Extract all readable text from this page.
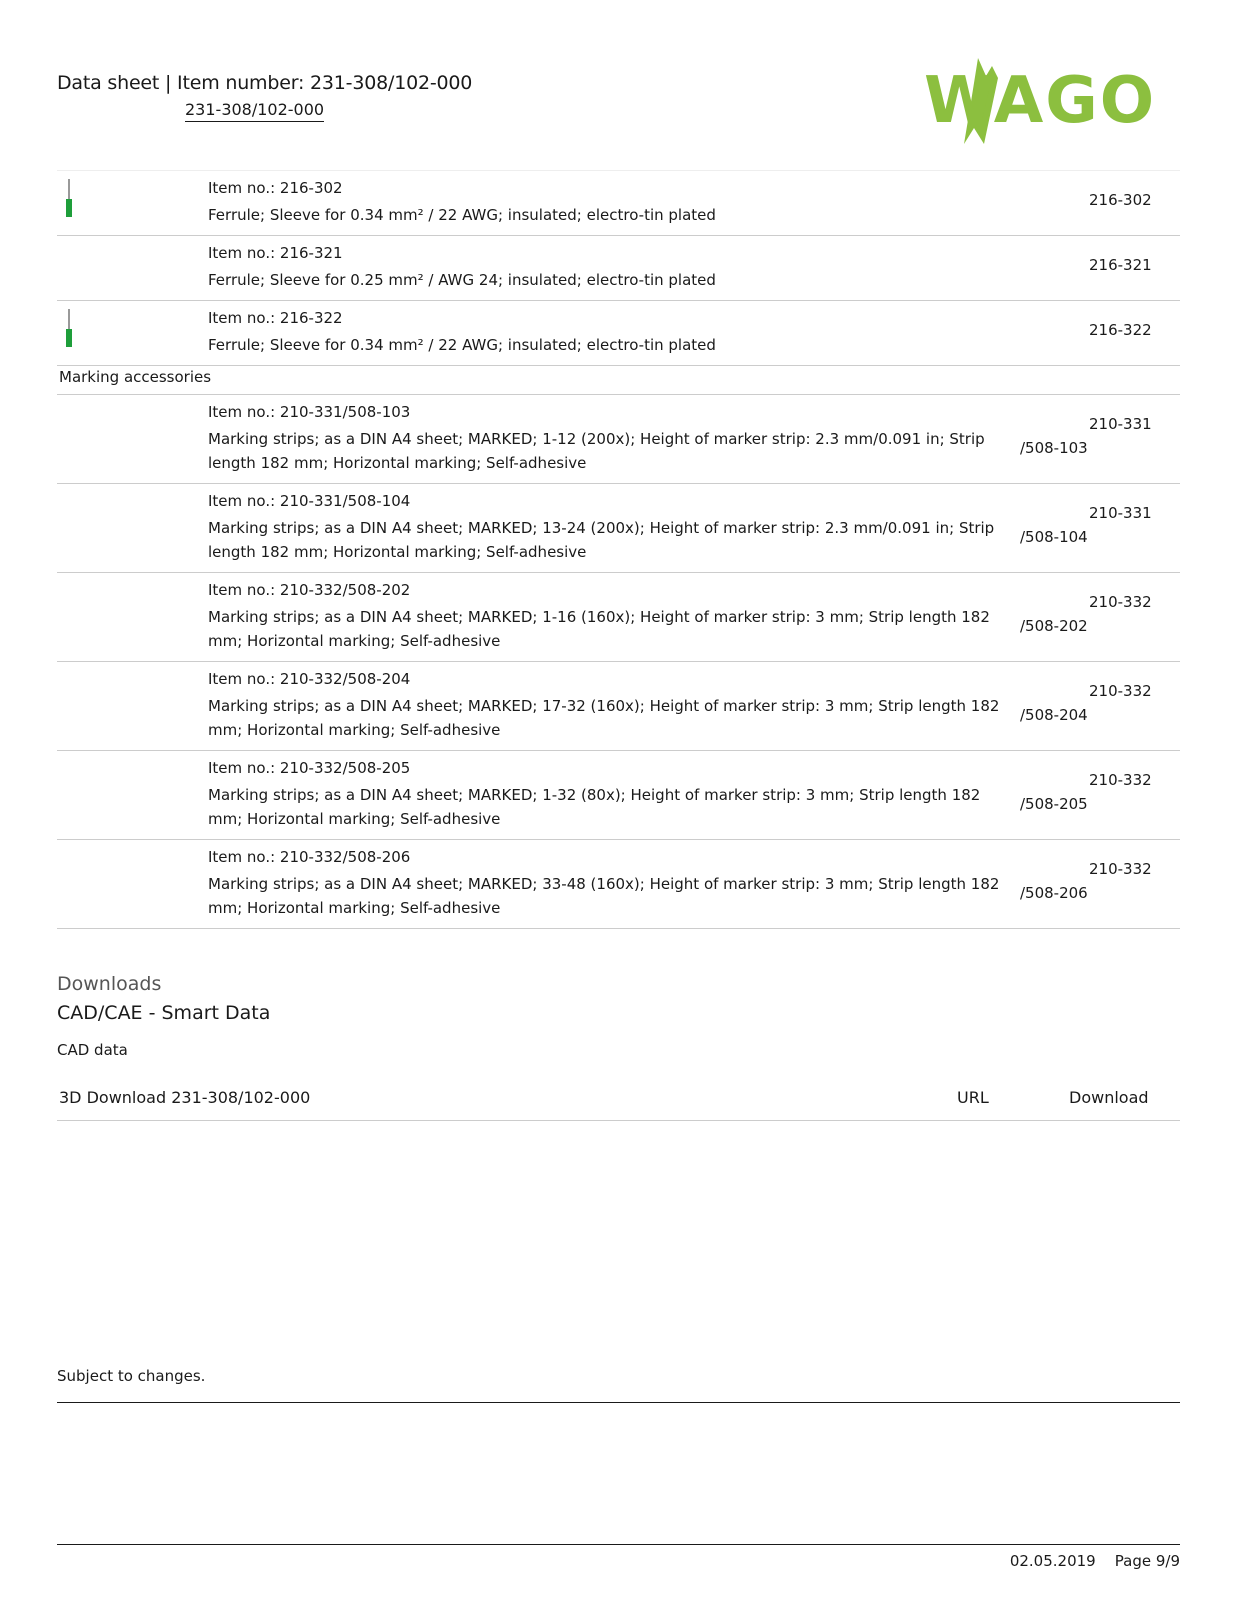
Data sheet | Item number: 231-308/102-000
231-308/102-000	WAGO
Item no.: 216-302
Ferrule; Sleeve for 0.34 mm² / 22 AWG; insulated; electro-tin plated
216-302
Item no.: 216-321
Ferrule; Sleeve for 0.25 mm² / AWG 24; insulated; electro-tin plated
216-321
Item no.: 216-322
Ferrule; Sleeve for 0.34 mm² / 22 AWG; insulated; electro-tin plated
216-322
Marking accessories
Item no.: 210-331/508-103
Marking strips; as a DIN A4 sheet; MARKED; 1-12 (200x); Height of marker strip: 2.3 mm/0.091 in; Strip length 182 mm; Horizontal marking; Self-adhesive
210-331
/508-103
Item no.: 210-331/508-104
Marking strips; as a DIN A4 sheet; MARKED; 13-24 (200x); Height of marker strip: 2.3 mm/0.091 in; Strip length 182 mm; Horizontal marking; Self-adhesive
210-331
/508-104
Item no.: 210-332/508-202
Marking strips; as a DIN A4 sheet; MARKED; 1-16 (160x); Height of marker strip: 3 mm; Strip length 182 mm; Horizontal marking; Self-adhesive
210-332
/508-202
Item no.: 210-332/508-204
Marking strips; as a DIN A4 sheet; MARKED; 17-32 (160x); Height of marker strip: 3 mm; Strip length 182 mm; Horizontal marking; Self-adhesive
210-332
/508-204
Item no.: 210-332/508-205
Marking strips; as a DIN A4 sheet; MARKED; 1-32 (80x); Height of marker strip: 3 mm; Strip length 182 mm; Horizontal marking; Self-adhesive
210-332
/508-205
Item no.: 210-332/508-206
Marking strips; as a DIN A4 sheet; MARKED; 33-48 (160x); Height of marker strip: 3 mm; Strip length 182 mm; Horizontal marking; Self-adhesive
210-332
/508-206
Downloads
CAD/CAE - Smart Data
CAD data
3D Download 231-308/102-000	URL	Download
Subject to changes.
02.05.2019    Page 9/9
